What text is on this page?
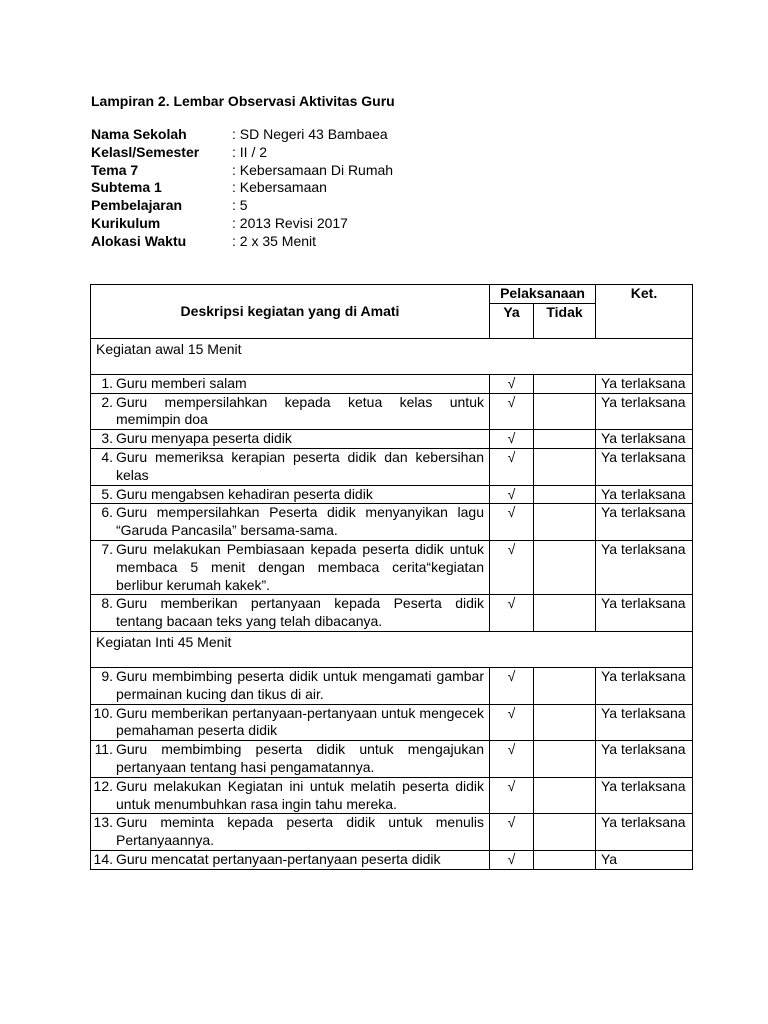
Lampiran 2. Lembar Observasi Aktivitas Guru
Nama Sekolah	: SD Negeri 43 Bambaea
Kelasl/Semester : II / 2
Tema 7	: Kebersamaan Di Rumah
Subtema 1	: Kebersamaan
Pembelajaran	: 5
Kurikulum	: 2013 Revisi 2017
Alokasi Waktu	: 2 x 35 Menit
Deskripsi kegiatan yang di Amati	Pelaksanaan		Ket.
	Ya	Tidak	
Kegiatan awal 15 Menit			

1. Guru memberi salam	√		Ya terlaksana

2. Guru mempersilahkan kepada ketua kelas untuk memimpin doa	√		Ya terlaksana

3. Guru menyapa peserta didik	√		Ya terlaksana

4. Guru memeriksa kerapian peserta didik dan kebersihan kelas	√		Ya terlaksana

5. Guru mengabsen kehadiran peserta didik	√		Ya terlaksana

6. Guru mempersilahkan Peserta didik menyanyikan lagu “Garuda Pancasila” bersama-sama.	√		Ya terlaksana

7. Guru melakukan Pembiasaan kepada peserta didik untuk membaca 5 menit dengan membaca cerita“kegiatan berlibur kerumah kakek”.	√		Ya terlaksana

8. Guru memberikan pertanyaan kepada Peserta didik tentang bacaan teks yang telah dibacanya.	√		Ya terlaksana
Kegiatan Inti 45 Menit			

9. Guru membimbing peserta didik untuk mengamati gambar permainan kucing dan tikus di air.	√		Ya terlaksana

10. Guru memberikan pertanyaan-pertanyaan untuk mengecek pemahaman peserta didik	√		Ya terlaksana

11. Guru membimbing peserta didik untuk mengajukan pertanyaan tentang hasi pengamatannya.	√		Ya terlaksana

12. Guru melakukan Kegiatan ini untuk melatih peserta didik untuk menumbuhkan rasa ingin tahu mereka.	√		Ya terlaksana

13. Guru meminta kepada peserta didik untuk menulis Pertanyaannya.	√		Ya terlaksana

14. Guru mencatat pertanyaan-pertanyaan peserta didik	√		Ya
